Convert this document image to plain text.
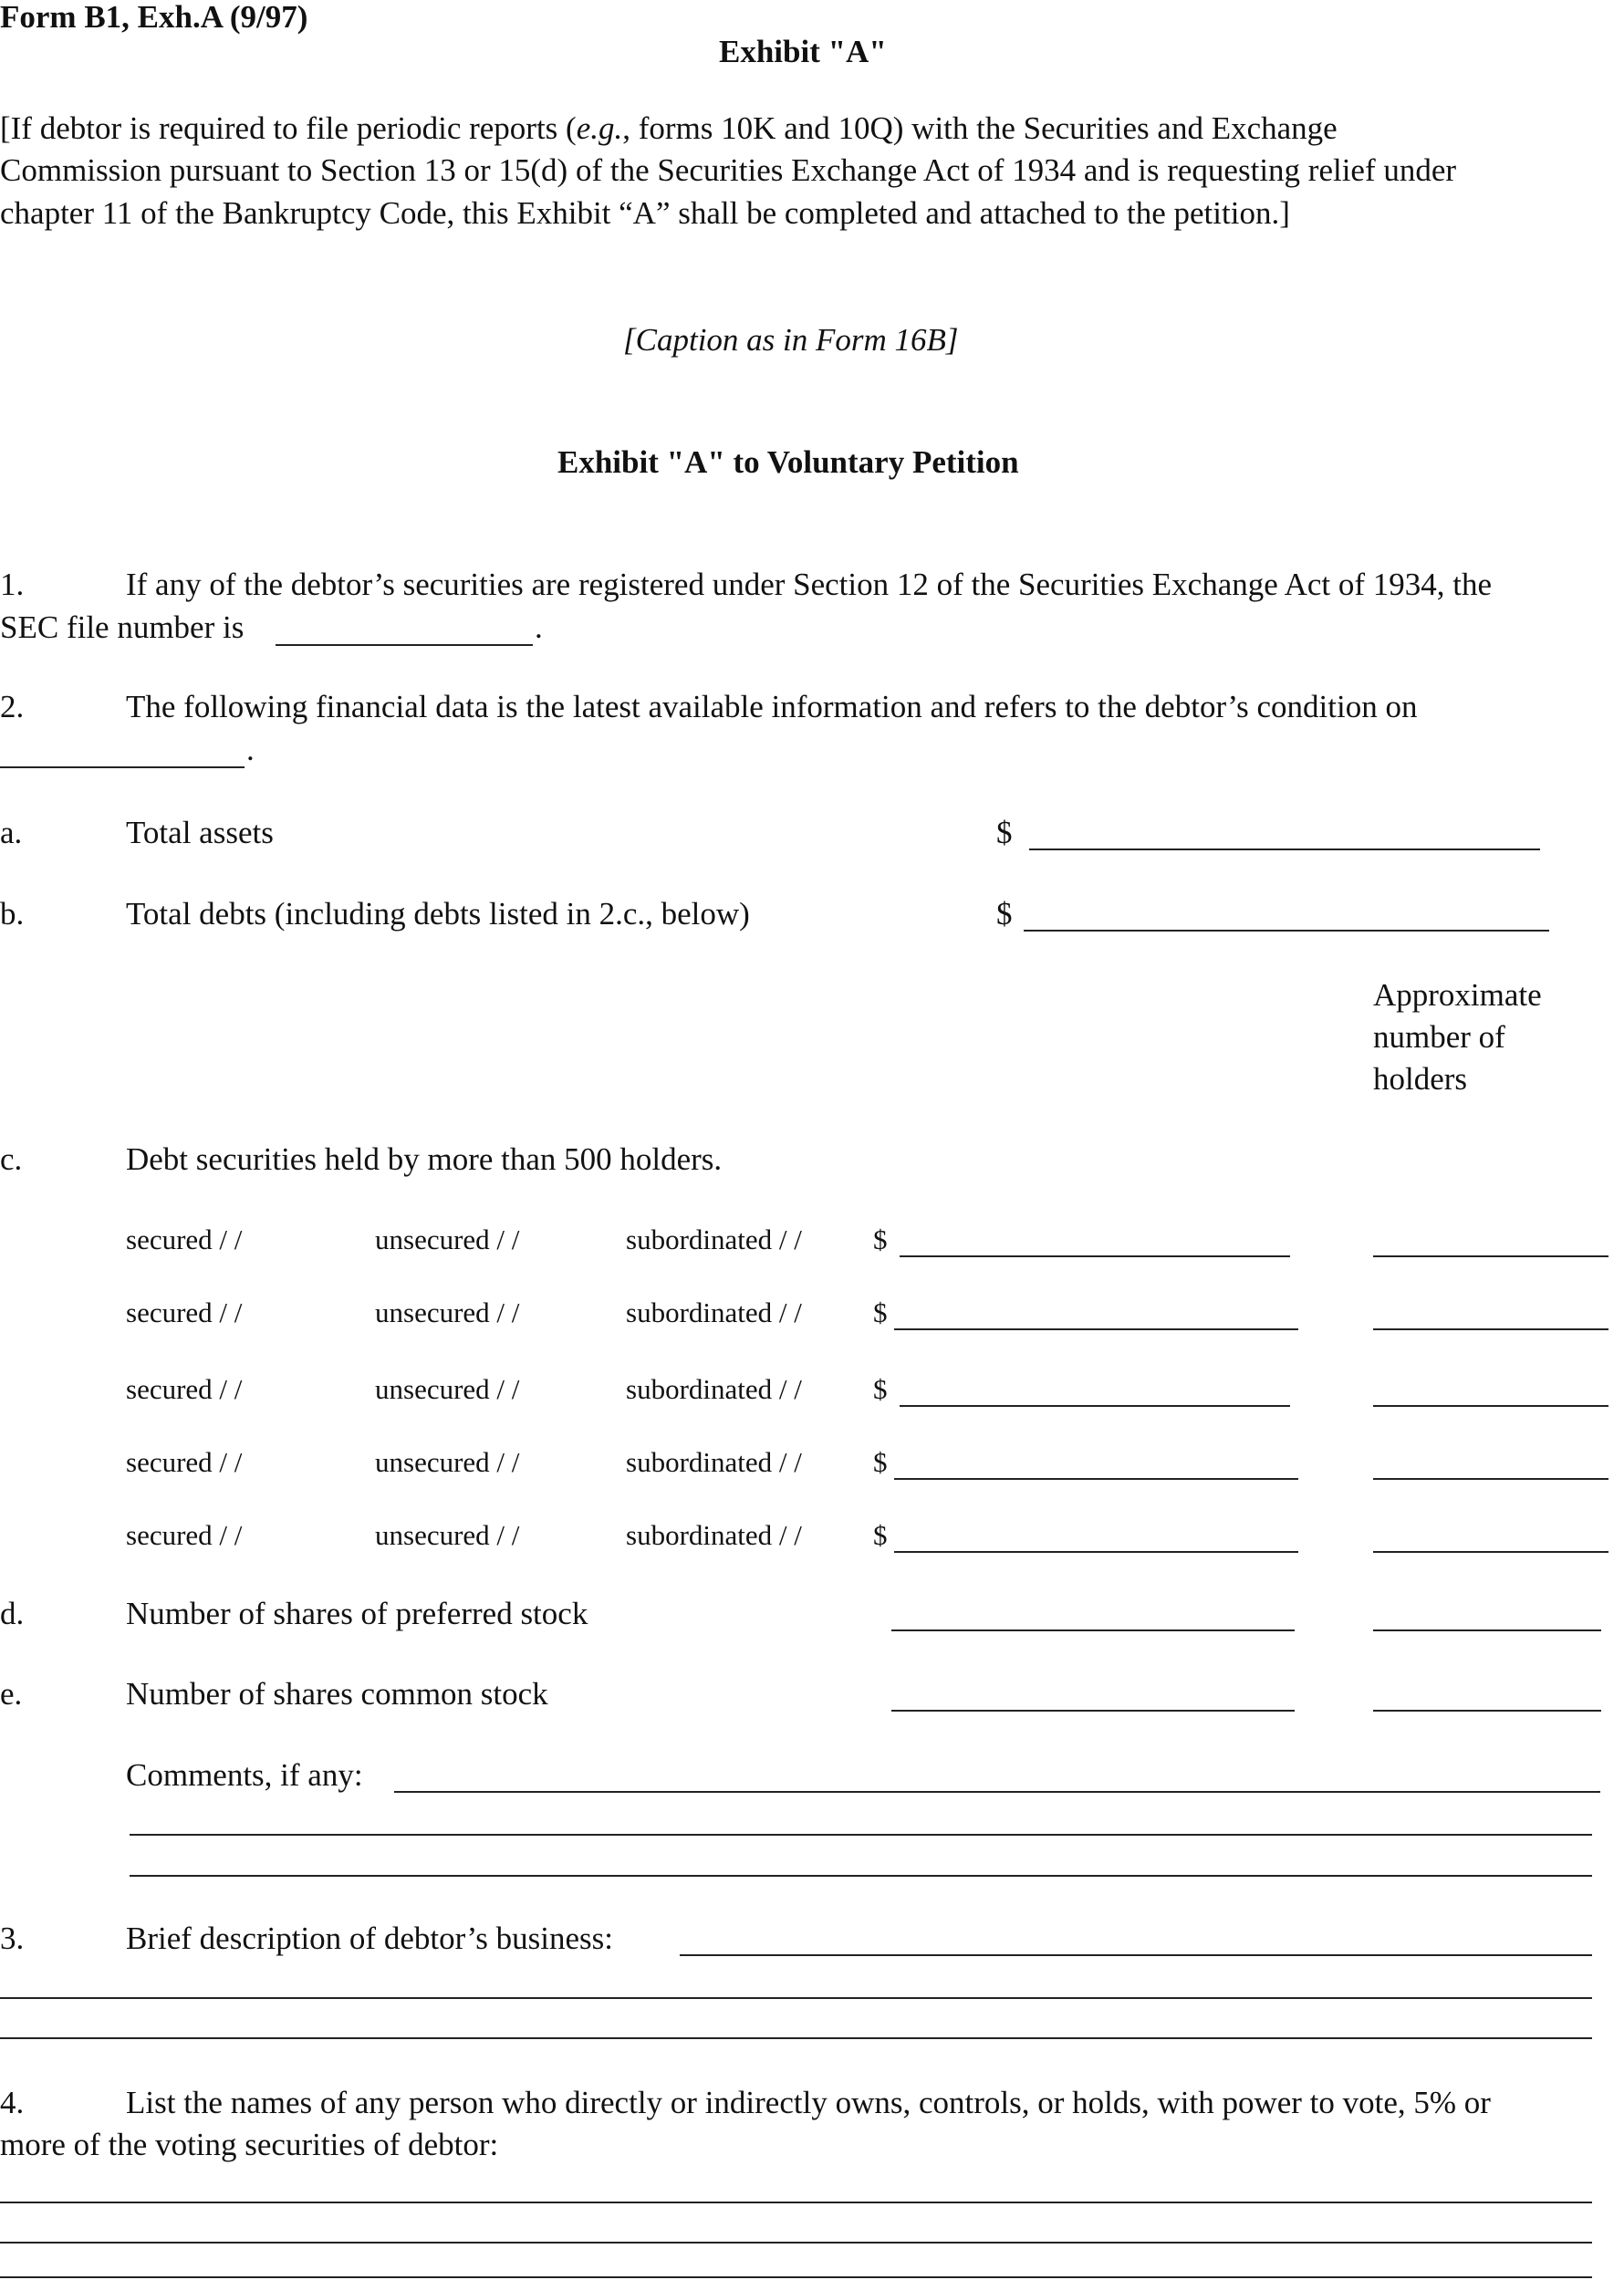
Form B1, Exh.A (9/97)
Exhibit "A"
[If debtor is required to file periodic reports (e.g., forms 10K and 10Q) with the Securities and Exchange
Commission pursuant to Section 13 or 15(d) of the Securities Exchange Act of 1934 and is requesting relief under
chapter 11 of the Bankruptcy Code, this Exhibit “A” shall be completed and attached to the petition.]
[Caption as in Form 16B]
Exhibit "A" to Voluntary Petition
1.	If any of the debtor’s securities are registered under Section 12 of the Securities Exchange Act of 1934, the
SEC file number is	.
2.	The following financial data is the latest available information and refers to the debtor’s condition on
.
a.	Total assets	$
b.	Total debts (including debts listed in 2.c., below)	$
Approximate
number of
holders
c.	Debt securities held by more than 500 holders.
secured / /	unsecured / /	subordinated / /	$
secured / /	unsecured / /	subordinated / /	$
secured / /	unsecured / /	subordinated / /	$
secured / /	unsecured / /	subordinated / /	$
secured / /	unsecured / /	subordinated / /	$
d.	Number of shares of preferred stock
e.	Number of shares common stock
Comments, if any:
3.	Brief description of debtor’s business:
4.	List the names of any person who directly or indirectly owns, controls, or holds, with power to vote, 5% or
more of the voting securities of debtor:
